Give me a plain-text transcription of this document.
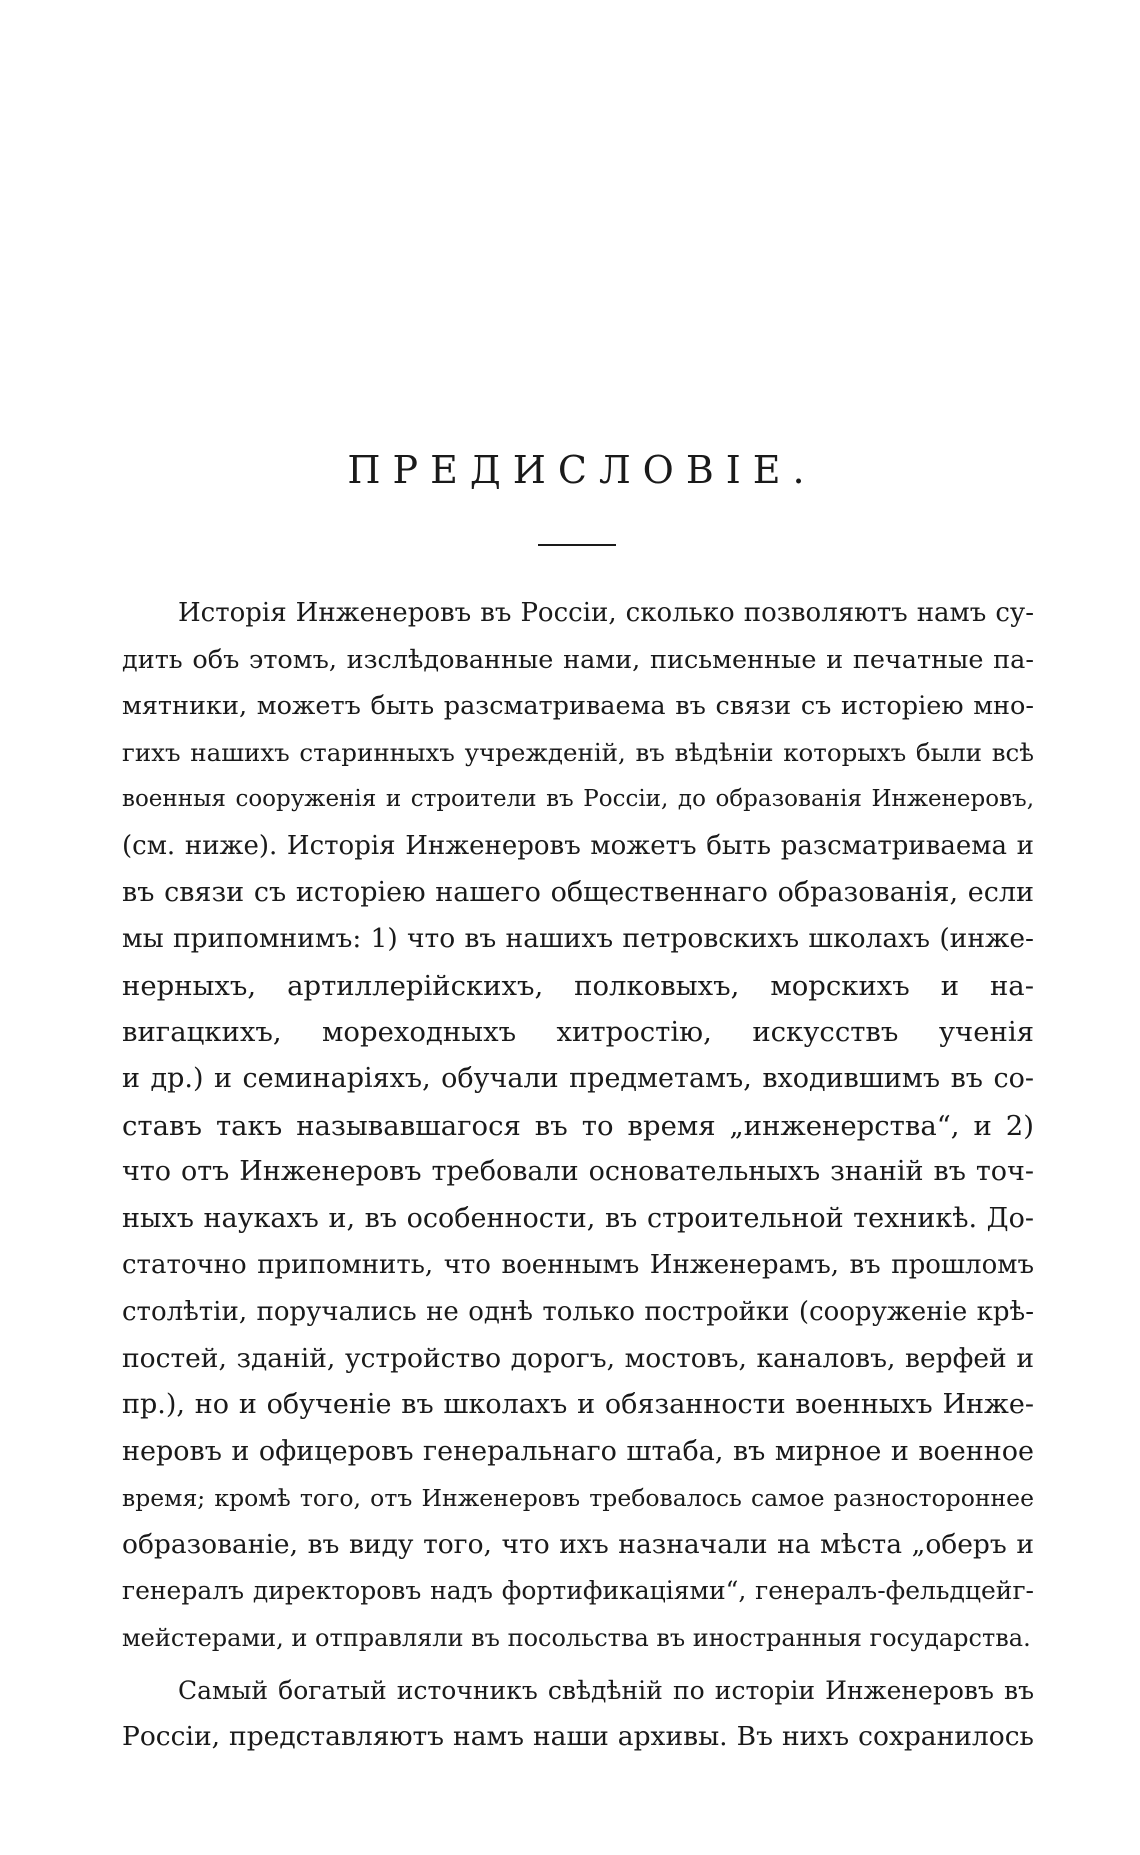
ПРЕДИСЛОВІЕ.
Исторія Инженеровъ въ Россіи, сколько позволяютъ намъ су-
дить объ этомъ, изслѣдованные нами, письменные и печатные па-
мятники, можетъ быть разсматриваема въ связи съ исторіею мно-
гихъ нашихъ старинныхъ учрежденій, въ вѣдѣніи которыхъ были всѣ
военныя сооруженія и строители въ Россіи, до образованія Инженеровъ,
(см. ниже). Исторія Инженеровъ можетъ быть разсматриваема и
въ связи съ исторіею нашего общественнаго образованія, если
мы припомнимъ: 1) что въ нашихъ петровскихъ школахъ (инже-
нерныхъ, артиллерійскихъ, полковыхъ, морскихъ и на-
вигацкихъ, мореходныхъ хитростію, искусствъ ученія
и др.) и семинаріяхъ, обучали предметамъ, входившимъ въ со-
ставъ такъ называвшагося въ то время „инженерства“, и 2)
что отъ Инженеровъ требовали основательныхъ знаній въ точ-
ныхъ наукахъ и, въ особенности, въ строительной техникѣ. До-
статочно припомнить, что военнымъ Инженерамъ, въ прошломъ
столѣтіи, поручались не однѣ только постройки (сооруженіе крѣ-
постей, зданій, устройство дорогъ, мостовъ, каналовъ, верфей и
пр.), но и обученіе въ школахъ и обязанности военныхъ Инже-
неровъ и офицеровъ генеральнаго штаба, въ мирное и военное
время; кромѣ того, отъ Инженеровъ требовалось самое разностороннее
образованіе, въ виду того, что ихъ назначали на мѣста „оберъ и
генералъ директоровъ надъ фортификаціями“, генералъ-фельдцейг-
мейстерами, и отправляли въ посольства въ иностранныя государства.
Самый богатый источникъ свѣдѣній по исторіи Инженеровъ въ
Россіи, представляютъ намъ наши архивы. Въ нихъ сохранилось
